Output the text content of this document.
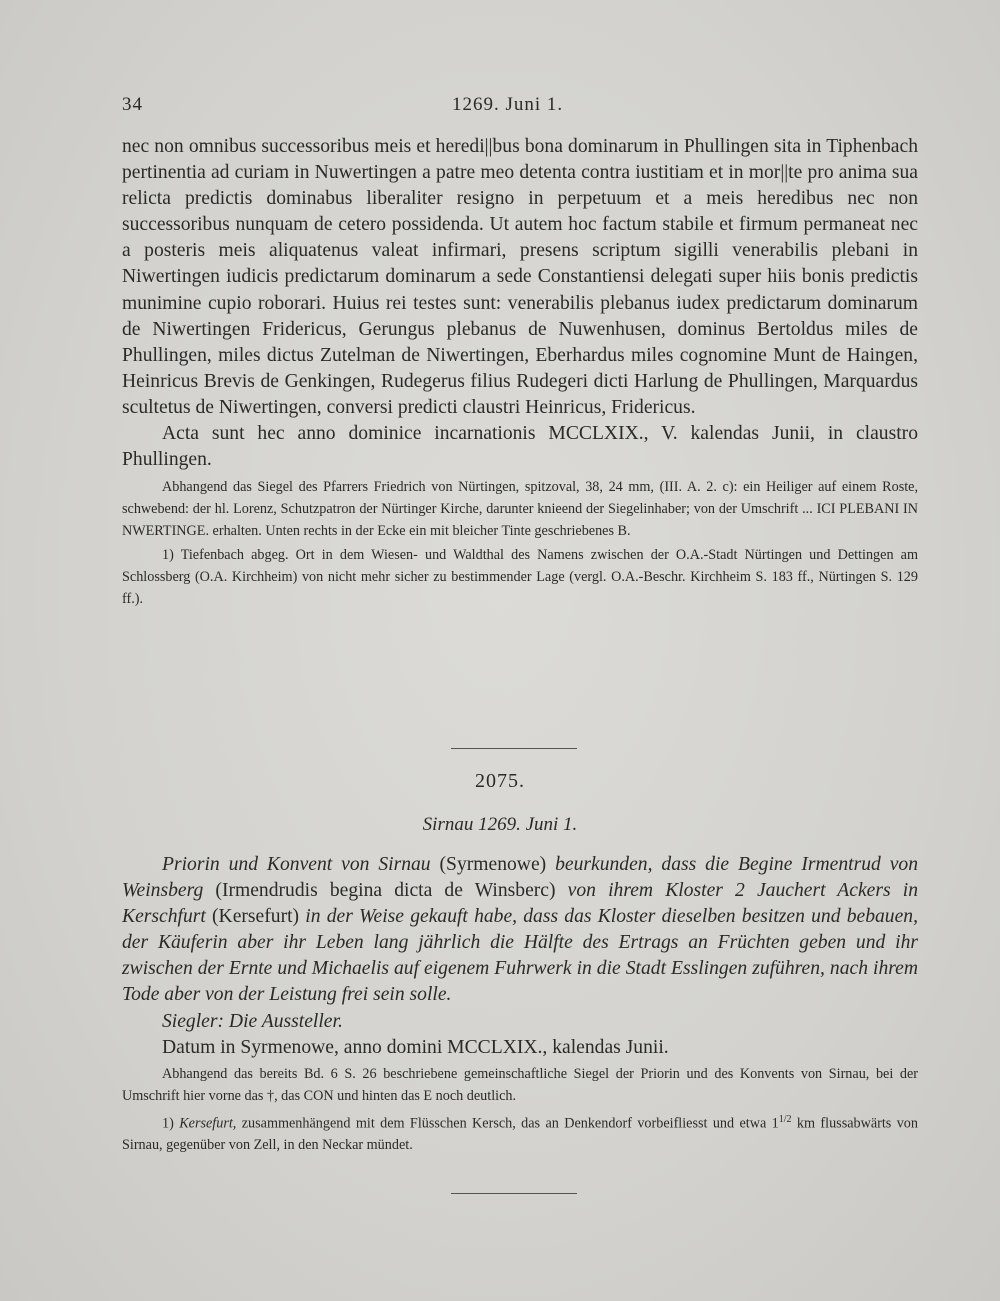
34	1269. Juni 1.

nec non omnibus successoribus meis et heredi||bus bona dominarum in Phullingen sita in Tiphenbach pertinentia ad curiam in Nuwertingen a patre meo detenta contra iustitiam et in mor||te pro anima sua relicta predictis dominabus liberaliter resigno in perpetuum et a meis heredibus nec non successoribus nunquam de cetero possidenda. Ut autem hoc factum stabile et firmum permaneat nec a posteris meis aliquatenus valeat infirmari, presens scriptum sigilli venerabilis plebani in Niwertingen iudicis predictarum dominarum a sede Constantiensi delegati super hiis bonis predictis munimine cupio roborari. Huius rei testes sunt: venerabilis plebanus iudex predictarum dominarum de Niwertingen Fridericus, Gerungus plebanus de Nuwenhusen, dominus Bertoldus miles de Phullingen, miles dictus Zutelman de Niwertingen, Eberhardus miles cognomine Munt de Haingen, Heinricus Brevis de Genkingen, Rudegerus filius Rudegeri dicti Harlung de Phullingen, Marquardus scultetus de Niwertingen, conversi predicti claustri Heinricus, Fridericus.

Acta sunt hec anno dominice incarnationis MCCLXIX., V. kalendas Junii, in claustro Phullingen.

Abhangend das Siegel des Pfarrers Friedrich von Nürtingen, spitzoval, 38, 24 mm, (III. A. 2. c): ein Heiliger auf einem Roste, schwebend: der hl. Lorenz, Schutzpatron der Nürtinger Kirche, darunter knieend der Siegelinhaber; von der Umschrift ... ICI PLEBANI IN NWERTINGE. erhalten. Unten rechts in der Ecke ein mit bleicher Tinte geschriebenes B.

1) Tiefenbach abgeg. Ort in dem Wiesen- und Waldthal des Namens zwischen der O.A.-Stadt Nürtingen und Dettingen am Schlossberg (O.A. Kirchheim) von nicht mehr sicher zu bestimmender Lage (vergl. O.A.-Beschr. Kirchheim S. 183 ff., Nürtingen S. 129 ff.).

2075.
Sirnau 1269. Juni 1.

Priorin und Konvent von Sirnau (Syrmenowe) beurkunden, dass die Begine Irmentrud von Weinsberg (Irmendrudis begina dicta de Winsberc) von ihrem Kloster 2 Jauchert Ackers in Kerschfurt (Kersefurt) in der Weise gekauft habe, dass das Kloster dieselben besitzen und bebauen, der Käuferin aber ihr Leben lang jährlich die Hälfte des Ertrags an Früchten geben und ihr zwischen der Ernte und Michaelis auf eigenem Fuhrwerk in die Stadt Esslingen zuführen, nach ihrem Tode aber von der Leistung frei sein solle.

Siegler: Die Aussteller.

Datum in Syrmenowe, anno domini MCCLXIX., kalendas Junii.

Abhangend das bereits Bd. 6 S. 26 beschriebene gemeinschaftliche Siegel der Priorin und des Konvents von Sirnau, bei der Umschrift hier vorne das †, das CON und hinten das E noch deutlich.

1) Kersefurt, zusammenhängend mit dem Flüsschen Kersch, das an Denkendorf vorbeifliesst und etwa $1^{1/2}$ km flussabwärts von Sirnau, gegenüber von Zell, in den Neckar mündet.
